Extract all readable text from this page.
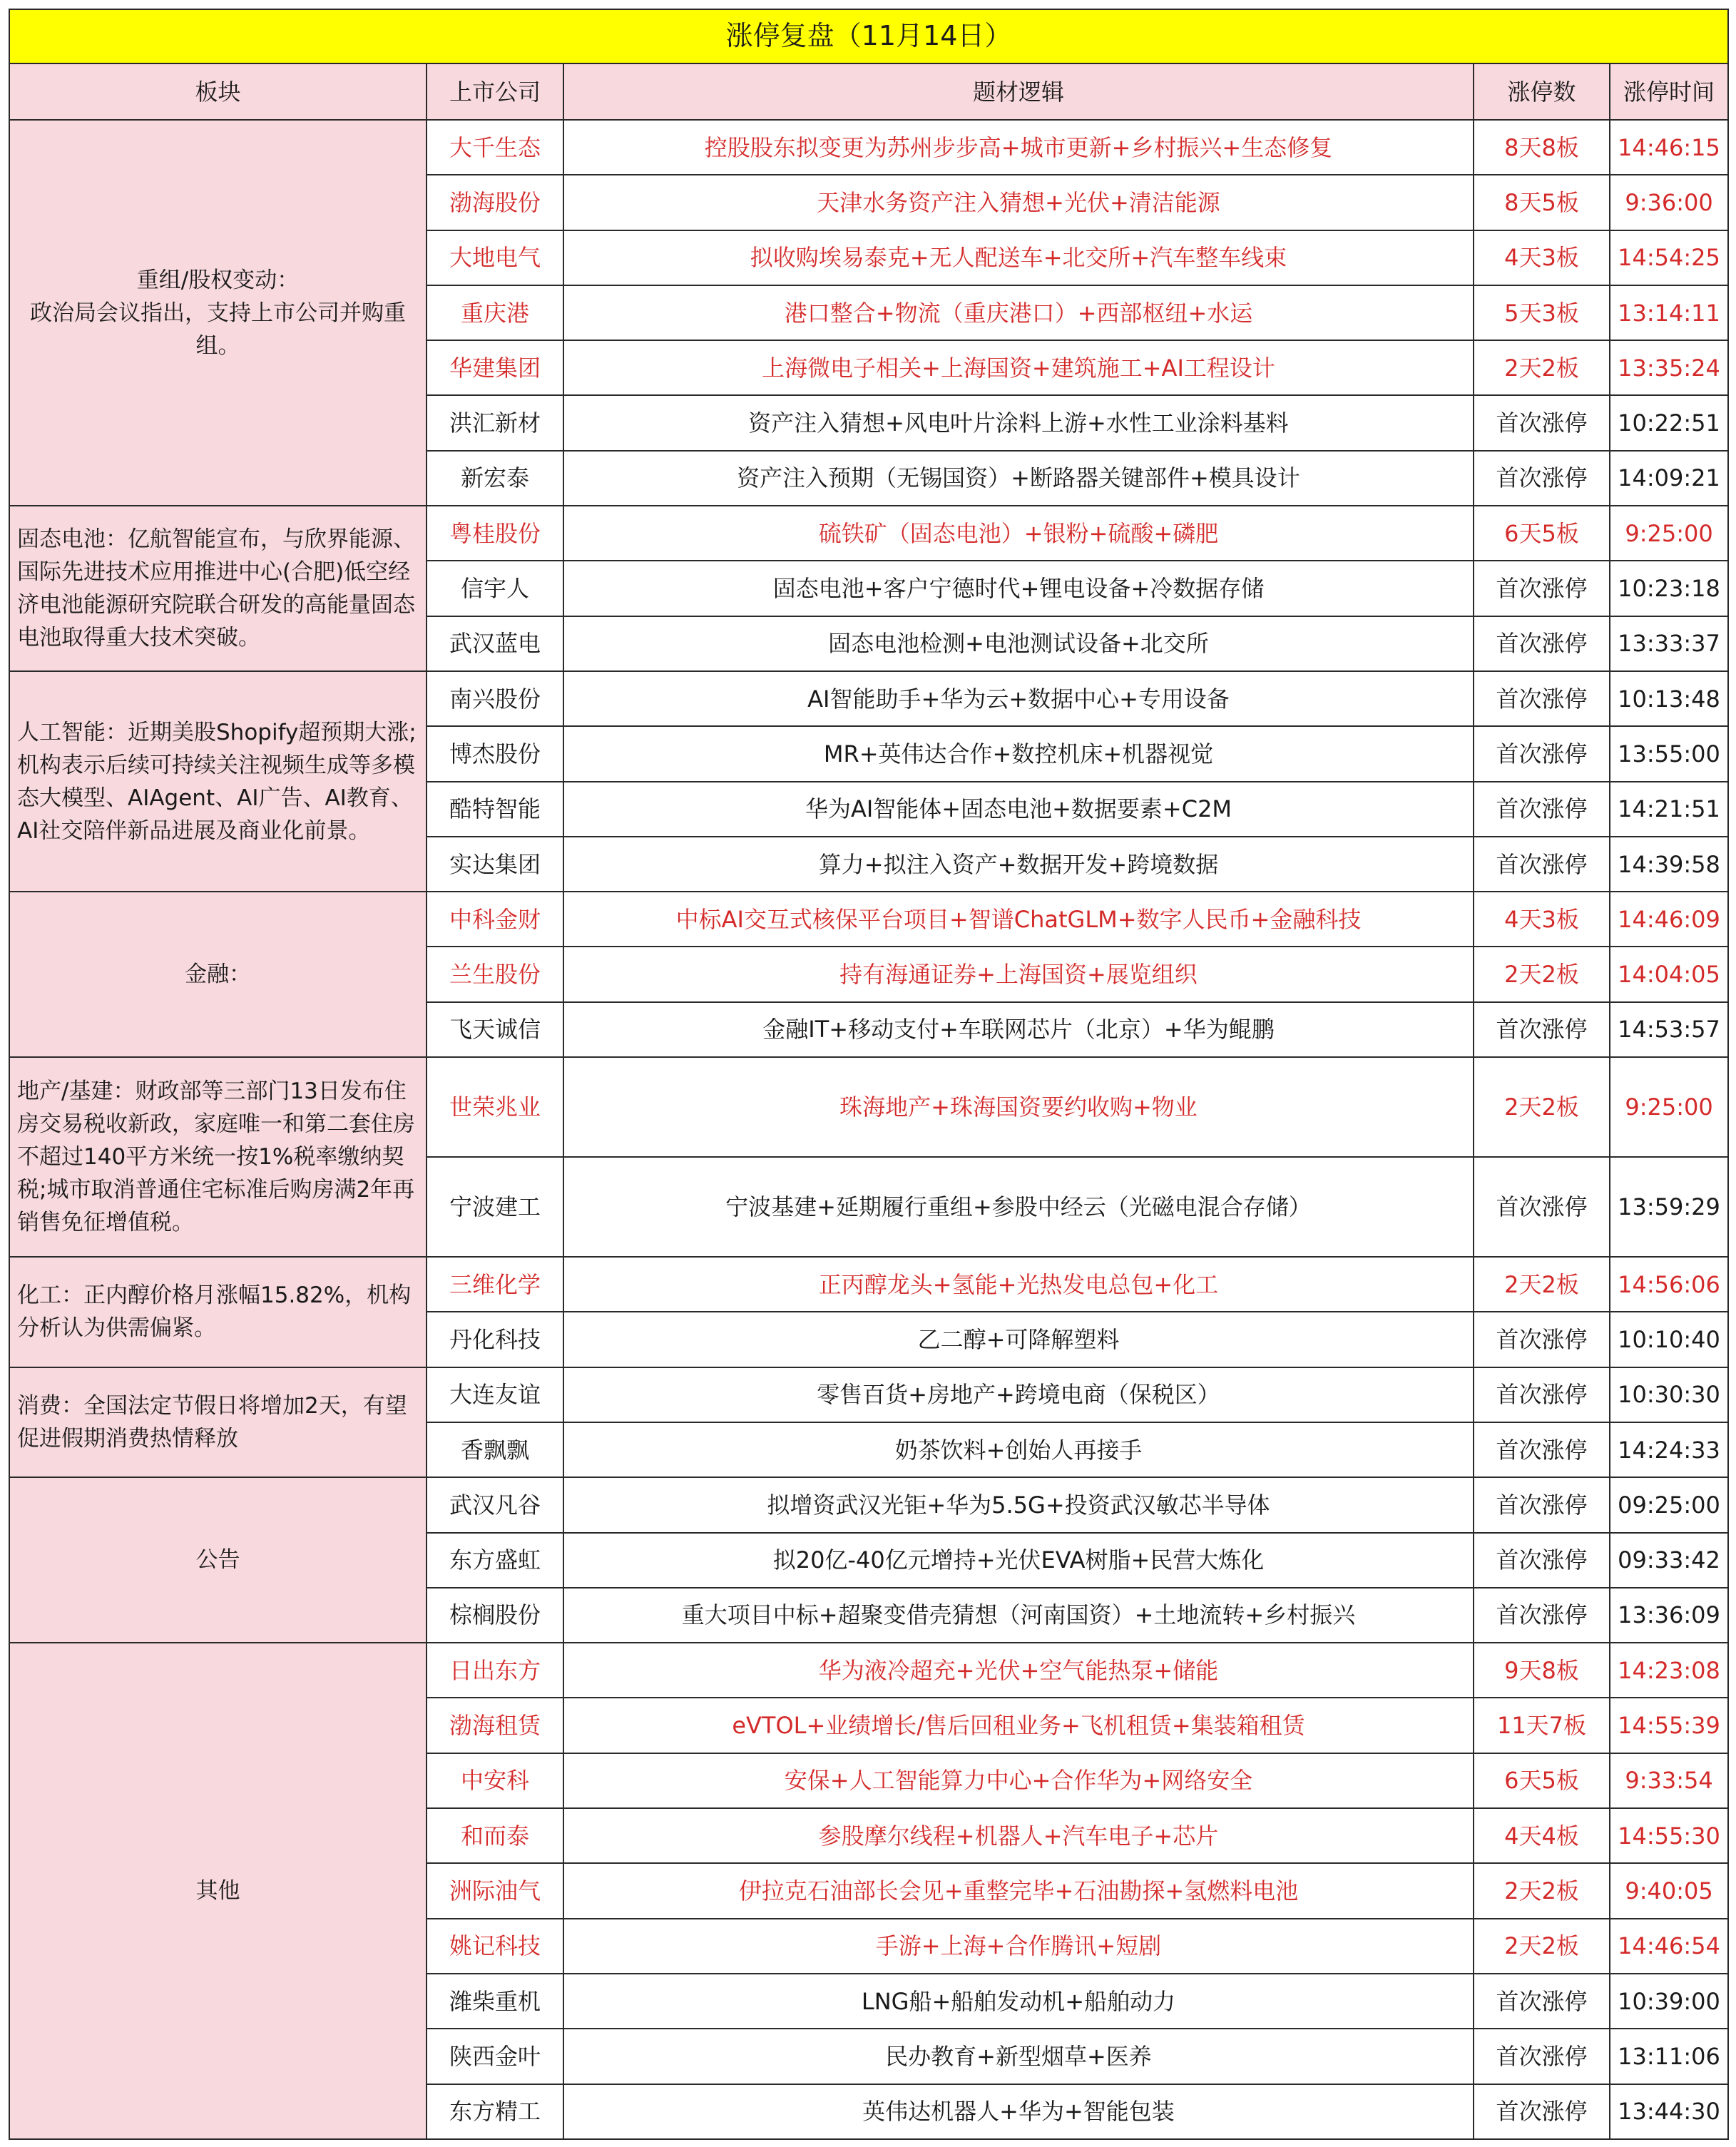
涨停复盘（11月14日）				
板块	上市公司	题材逻辑	涨停数	涨停时间
重组/股权变动：
政治局会议指出，支持上市公司并购重组。	大千生态	控股股东拟变更为苏州步步高+城市更新+乡村振兴+生态修复	8天8板	14:46:15
	渤海股份	天津水务资产注入猜想+光伏+清洁能源	8天5板	9:36:00
	大地电气	拟收购埃易泰克+无人配送车+北交所+汽车整车线束	4天3板	14:54:25
	重庆港	港口整合+物流（重庆港口）+西部枢纽+水运	5天3板	13:14:11
	华建集团	上海微电子相关+上海国资+建筑施工+AI工程设计	2天2板	13:35:24
	洪汇新材	资产注入猜想+风电叶片涂料上游+水性工业涂料基料	首次涨停	10:22:51
	新宏泰	资产注入预期（无锡国资）+断路器关键部件+模具设计	首次涨停	14:09:21
固态电池：亿航智能宣布，与欣界能源、国际先进技术应用推进中心(合肥)低空经济电池能源研究院联合研发的高能量固态电池取得重大技术突破。	粤桂股份	硫铁矿（固态电池）+银粉+硫酸+磷肥	6天5板	9:25:00
	信宇人	固态电池+客户宁德时代+锂电设备+冷数据存储	首次涨停	10:23:18
	武汉蓝电	固态电池检测+电池测试设备+北交所	首次涨停	13:33:37
人工智能：近期美股Shopify超预期大涨;机构表示后续可持续关注视频生成等多模态大模型、AIAgent、AI广告、AI教育、AI社交陪伴新品进展及商业化前景。	南兴股份	AI智能助手+华为云+数据中心+专用设备	首次涨停	10:13:48
	博杰股份	MR+英伟达合作+数控机床+机器视觉	首次涨停	13:55:00
	酷特智能	华为AI智能体+固态电池+数据要素+C2M	首次涨停	14:21:51
	实达集团	算力+拟注入资产+数据开发+跨境数据	首次涨停	14:39:58
金融：	中科金财	中标AI交互式核保平台项目+智谱ChatGLM+数字人民币+金融科技	4天3板	14:46:09
	兰生股份	持有海通证券+上海国资+展览组织	2天2板	14:04:05
	飞天诚信	金融IT+移动支付+车联网芯片（北京）+华为鲲鹏	首次涨停	14:53:57
地产/基建：财政部等三部门13日发布住房交易税收新政，家庭唯一和第二套住房不超过140平方米统一按1%税率缴纳契税;城市取消普通住宅标准后购房满2年再销售免征增值税。	世荣兆业	珠海地产+珠海国资要约收购+物业	2天2板	9:25:00
	宁波建工	宁波基建+延期履行重组+参股中经云（光磁电混合存储）	首次涨停	13:59:29
化工：正内醇价格月涨幅15.82%，机构分析认为供需偏紧。	三维化学	正丙醇龙头+氢能+光热发电总包+化工	2天2板	14:56:06
	丹化科技	乙二醇+可降解塑料	首次涨停	10:10:40
消费：全国法定节假日将增加2天，有望促进假期消费热情释放	大连友谊	零售百货+房地产+跨境电商（保税区）	首次涨停	10:30:30
	香飘飘	奶茶饮料+创始人再接手	首次涨停	14:24:33
公告	武汉凡谷	拟增资武汉光钜+华为5.5G+投资武汉敏芯半导体	首次涨停	09:25:00
	东方盛虹	拟20亿-40亿元增持+光伏EVA树脂+民营大炼化	首次涨停	09:33:42
	棕榈股份	重大项目中标+超聚变借壳猜想（河南国资）+土地流转+乡村振兴	首次涨停	13:36:09
其他	日出东方	华为液冷超充+光伏+空气能热泵+储能	9天8板	14:23:08
	渤海租赁	eVTOL+业绩增长/售后回租业务+飞机租赁+集装箱租赁	11天7板	14:55:39
	中安科	安保+人工智能算力中心+合作华为+网络安全	6天5板	9:33:54
	和而泰	参股摩尔线程+机器人+汽车电子+芯片	4天4板	14:55:30
	洲际油气	伊拉克石油部长会见+重整完毕+石油勘探+氢燃料电池	2天2板	9:40:05
	姚记科技	手游+上海+合作腾讯+短剧	2天2板	14:46:54
	潍柴重机	LNG船+船舶发动机+船舶动力	首次涨停	10:39:00
	陕西金叶	民办教育+新型烟草+医养	首次涨停	13:11:06
	东方精工	英伟达机器人+华为+智能包装	首次涨停	13:44:30
